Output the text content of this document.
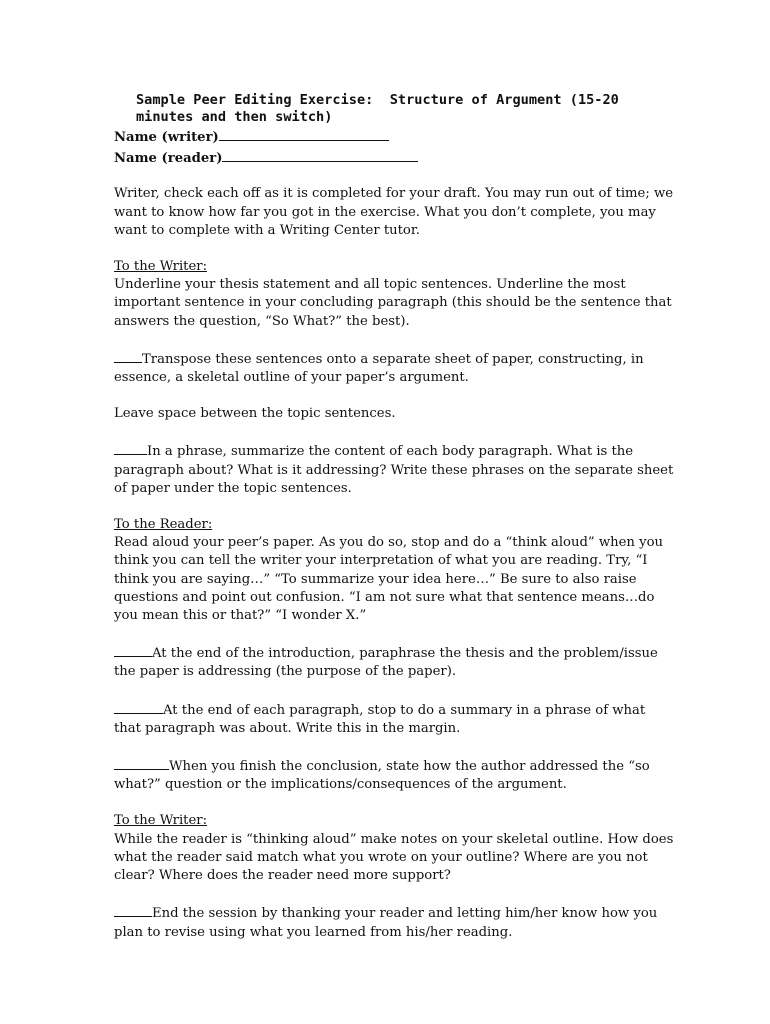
Sample Peer Editing Exercise:  Structure of Argument (15-20 minutes and then switch)

Name (writer)

Name (reader)

Writer, check each off as it is completed for your draft. You may run out of time; we want to know how far you got in the exercise. What you don’t complete, you may want to complete with a Writing Center tutor.

To the Writer:
Underline your thesis statement and all topic sentences. Underline the most important sentence in your concluding paragraph (this should be the sentence that answers the question, “So What?” the best).

Transpose these sentences onto a separate sheet of paper, constructing, in essence, a skeletal outline of your paper’s argument.

Leave space between the topic sentences.

In a phrase, summarize the content of each body paragraph. What is the paragraph about? What is it addressing? Write these phrases on the separate sheet of paper under the topic sentences.

To the Reader:
Read aloud your peer’s paper. As you do so, stop and do a “think aloud” when you think you can tell the writer your interpretation of what you are reading. Try, “I think you are saying…” “To summarize your idea here…” Be sure to also raise questions and point out confusion. “I am not sure what that sentence means…do you mean this or that?” “I wonder X.”

At the end of the introduction, paraphrase the thesis and the problem/issue the paper is addressing (the purpose of the paper).

At the end of each paragraph, stop to do a summary in a phrase of what that paragraph was about. Write this in the margin.

When you finish the conclusion, state how the author addressed the “so what?” question or the implications/consequences of the argument.

To the Writer:
While the reader is “thinking aloud” make notes on your skeletal outline. How does what the reader said match what you wrote on your outline? Where are you not clear? Where does the reader need more support?

End the session by thanking your reader and letting him/her know how you plan to revise using what you learned from his/her reading.
